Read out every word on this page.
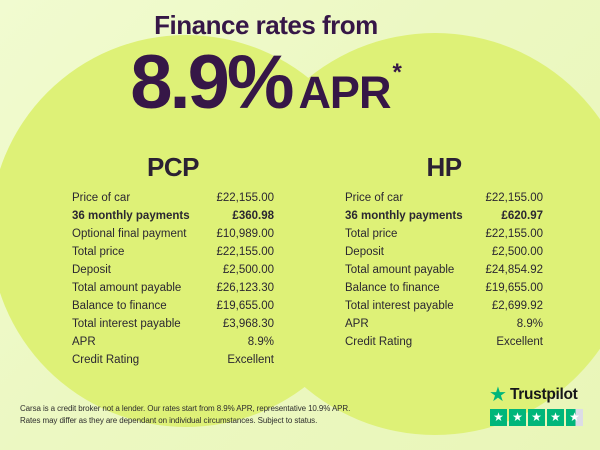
Finance rates from
8.9% APR *
PCP	HP
Price of car	£22,155.00
36 monthly payments	£360.98
Optional final payment	£10,989.00
Total price	£22,155.00
Deposit	£2,500.00
Total amount payable	£26,123.30
Balance to finance	£19,655.00
Total interest payable	£3,968.30
APR	8.9%
Credit Rating	Excellent
Price of car	£22,155.00
36 monthly payments	£620.97
Total price	£22,155.00
Deposit	£2,500.00
Total amount payable	£24,854.92
Balance to finance	£19,655.00
Total interest payable	£2,699.92
APR	8.9%
Credit Rating	Excellent
Carsa is a credit broker not a lender. Our rates start from 8.9% APR, representative 10.9% APR.
Rates may differ as they are dependant on individual circumstances. Subject to status.
★ Trustpilot
★ ★ ★ ★ ★
